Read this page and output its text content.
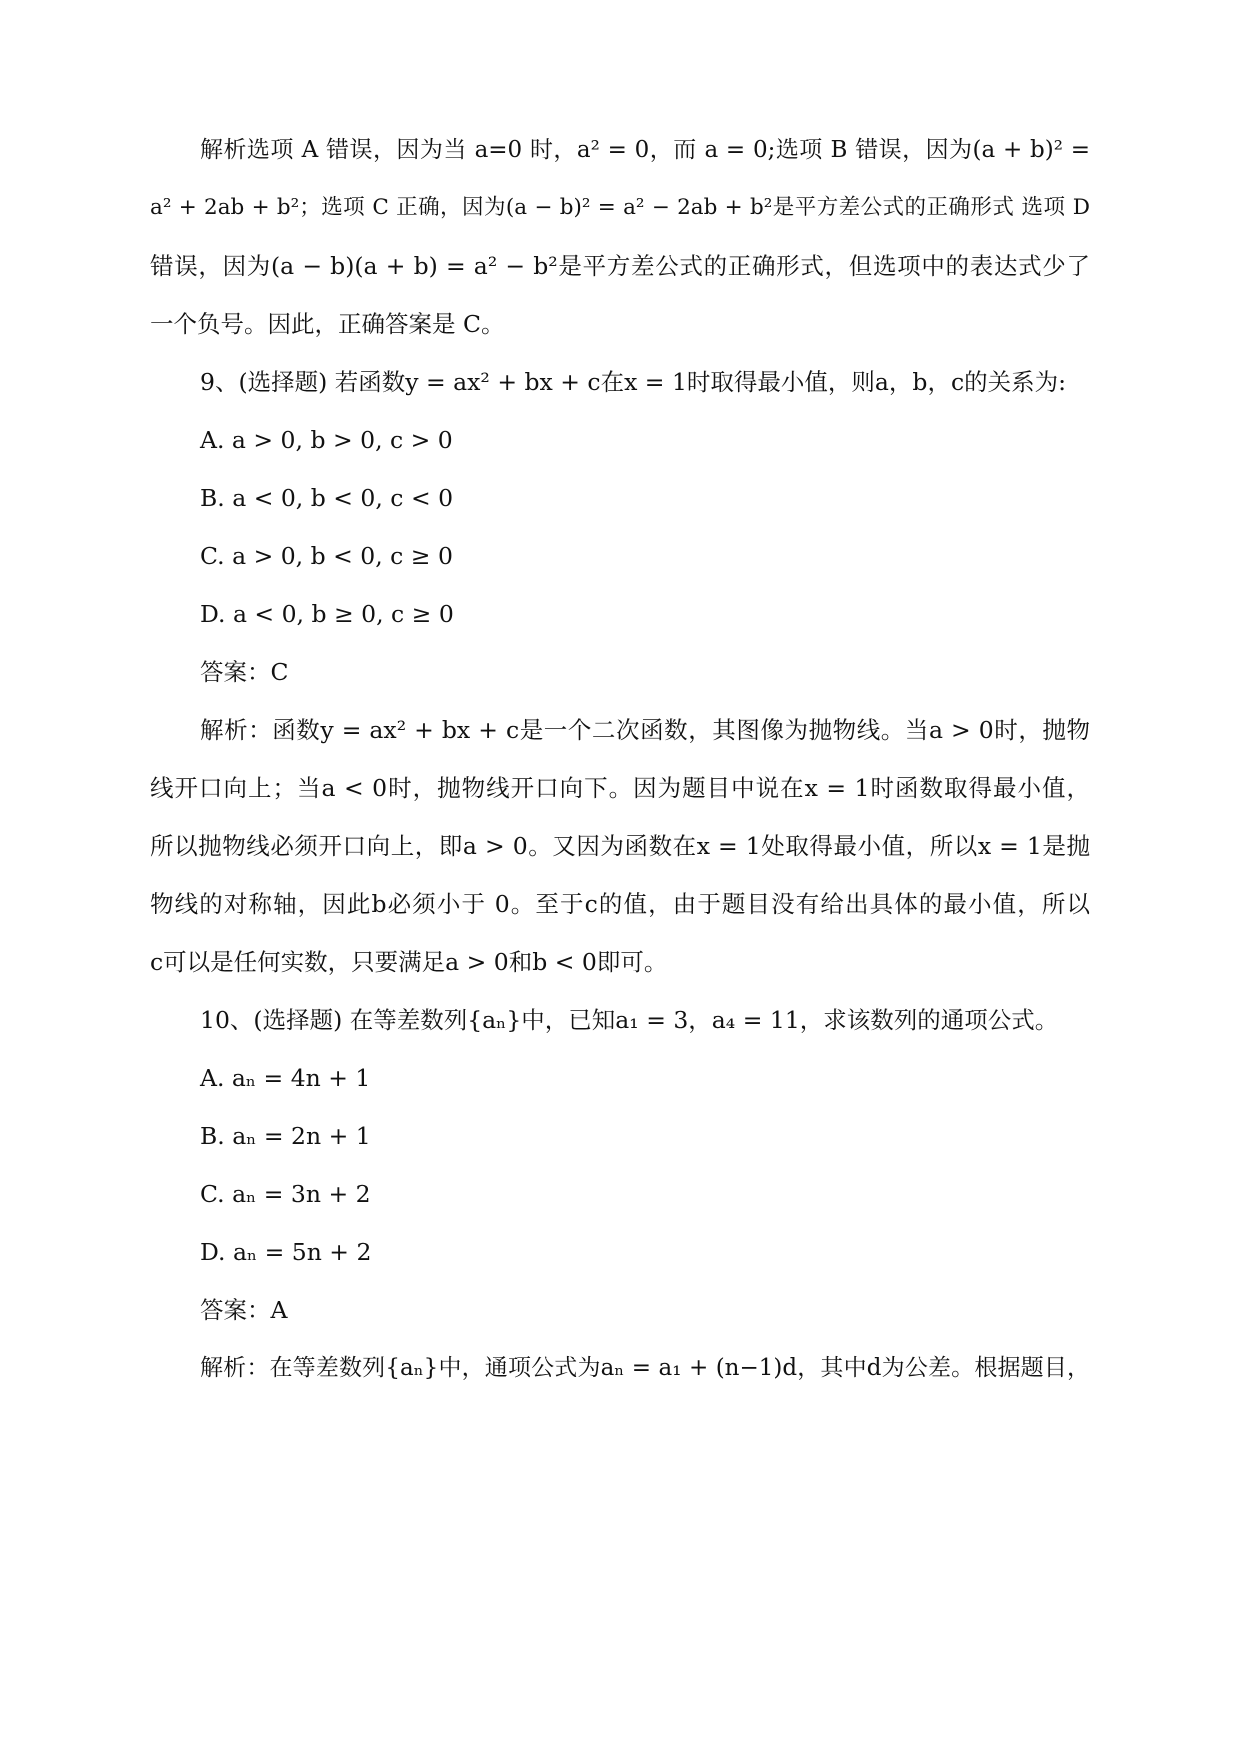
解析选项 A 错误，因为当 a=0 时，a² = 0，而 a = 0;选项 B 错误，因为(a + b)² =
a² + 2ab + b²；选项 C 正确，因为(a − b)² = a² − 2ab + b²是平方差公式的正确形式 选项 D
错误，因为(a − b)(a + b) = a² − b²是平方差公式的正确形式，但选项中的表达式少了
一个负号。因此，正确答案是 C。
9、(选择题) 若函数y = ax² + bx + c在x = 1时取得最小值，则a，b，c的关系为:
A. a > 0, b > 0, c > 0
B. a < 0, b < 0, c < 0
C. a > 0, b < 0, c ≥ 0
D. a < 0, b ≥ 0, c ≥ 0
答案：C
解析：函数y = ax² + bx + c是一个二次函数，其图像为抛物线。当a > 0时，抛物
线开口向上；当a < 0时，抛物线开口向下。因为题目中说在x = 1时函数取得最小值，
所以抛物线必须开口向上，即a > 0。又因为函数在x = 1处取得最小值，所以x = 1是抛
物线的对称轴，因此b必须小于 0。至于c的值，由于题目没有给出具体的最小值，所以
c可以是任何实数，只要满足a > 0和b < 0即可。
10、(选择题) 在等差数列{aₙ}中，已知a₁ = 3，a₄ = 11，求该数列的通项公式。
A. aₙ = 4n + 1
B. aₙ = 2n + 1
C. aₙ = 3n + 2
D. aₙ = 5n + 2
答案：A
解析：在等差数列{aₙ}中，通项公式为aₙ = a₁ + (n−1)d，其中d为公差。根据题目，
